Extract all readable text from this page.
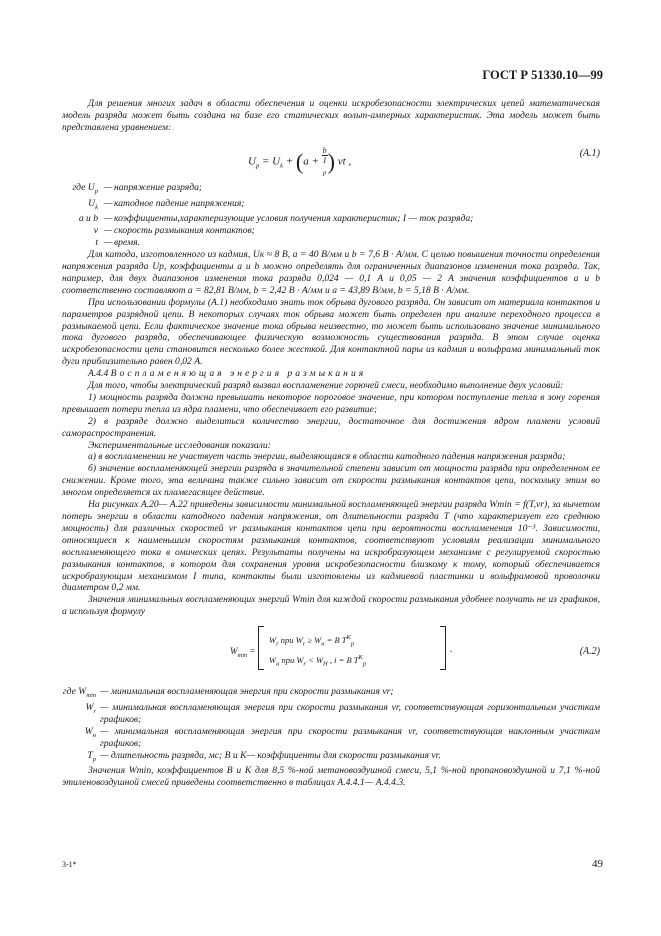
ГОСТ Р 51330.10—99

Для решения многих задач в области обеспечения и оценки искробезопасности электрических цепей математическая модель разряда может быть создана на базе его статических вольт-амперных характеристик. Эта модель может быть представлена уравнением:

$U_р = U_k + (a + b$
I
$_р$ ) vt ,
(A.1)
где $U_р$ — напряжение разряда;
$U_k$ — катодное падение напряжения;
a и b — коэффициенты,характеризующие условия получения характеристик; I — ток разряда;
v — скорость размыкания контактов;
t — время.

Для катода, изготовленного из кадмия, Uк ≈ 8 В, a = 40 В/мм и b = 7,6 В · А/мм. С целью повышения точности определения напряжения разряда Uр, коэффициенты a и b можно определять для ограниченных диапазонов изменения тока разряда. Так, например, для двух диапазонов изменения тока разряда 0,024 — 0,1 А и 0,05 — 2 А значения коэффициентов a и b соответственно составляют a = 82,81 В/мм, b = 2,42 В · А/мм и a = 43,89 В/мм, b = 5,18 В · А/мм.

При использовании формулы (A.1) необходимо знать ток обрыва дугового разряда. Он зависит от материала контактов и параметров разрядной цепи. В некоторых случаях ток обрыва может быть определен при анализе переходного процесса в размыкаемой цепи. Если фактическое значение тока обрыва неизвестно, то может быть использовано значение минимального тока дугового разряда, обеспечивающее физическую возможность существования разряда. В этом случае оценка искробезопасности цепи становится несколько более жесткой. Для контактной пары из кадмия и вольфрама минимальный ток дуги приблизительно равен 0,02 А.

А.4.4 Воспламеняющая энергия размыкания

Для того, чтобы электрический разряд вызвал воспламенение горючей смеси, необходимо выполнение двух условий:

1) мощность разряда должна превышать некоторое пороговое значение, при котором поступление тепла в зону горения превышает потери тепла из ядра пламени, что обеспечивает его развитие;

2) в разряде должно выделиться количество энергии, достаточное для достижения ядром пламени условий самораспространения.

Экспериментальные исследования показали:

а) в воспламенении не участвует часть энергии, выделяющаяся в области катодного падения напряжения разряда;

б) значение воспламеняющей энергии разряда в значительной степени зависит от мощности разряда при определенном ее снижении. Кроме того, эта величина также сильно зависит от скорости размыкания контактов цепи, поскольку этим во многом определяется их пламегасящее действие.

На рисунках А.20— А.22 приведены зависимости минимальной воспламеняющей энергии разряда Wmin = f(T,vr), за вычетом потерь энергии в области катодного падения напряжения, от длительности разряда T (что характеризует его среднюю мощность) для различных скоростей vr размыкания контактов цепи при вероятности воспламенения 10⁻³. Зависимости, относящиеся к наименьшим скоростям размыкания контактов, соответствуют условиям реализации минимального воспламеняющего тока в омических цепях. Результаты получены на искробразующем механизме с регулируемой скоростью размыкания контактов, в котором для сохранения уровня искробезопасности близкому к тому, который обеспечивается искробразующим механизмом I типа, контакты были изготовлены из кадмиевой пластинки и вольфрамовой проволочки диаметром 0,2 мм.

Значения минимальных воспламеняющих энергий Wmin для каждой скорости размыкания удобнее получать не из графиков, а используя формулу

$W_{min}$ =
$W_r$ при $W_r \ge W_н = B$ $T^K_р$
$W_н$ при $W_r < W_Н$ , i = B $T^K_р$
.	(A.2)
где $W_{min}$ — минимальная воспламеняющая энергия при скорости размыкания vr;
$W_r$ — минимальная воспламеняющая энергия при скорости размыкания vr, соответствующая горизонтальным участкам графиков;
$W_н$ — минимальная воспламеняющая энергия при скорости размыкания vr, соответствующая наклонным участкам графиков;
$T_р$ — длительность разряда, мс; B и K— коэффициенты для скорости размыкания vr.

Значения Wmin, коэффициентов B и K для 8,5 %-ной метановоздушной смеси, 5,1 %-ной пропановоздушной и 7,1 %-ной этиленовоздушной смесей приведены соответственно в таблицах А.4.4.1— А.4.4.3.

3-1*	49
